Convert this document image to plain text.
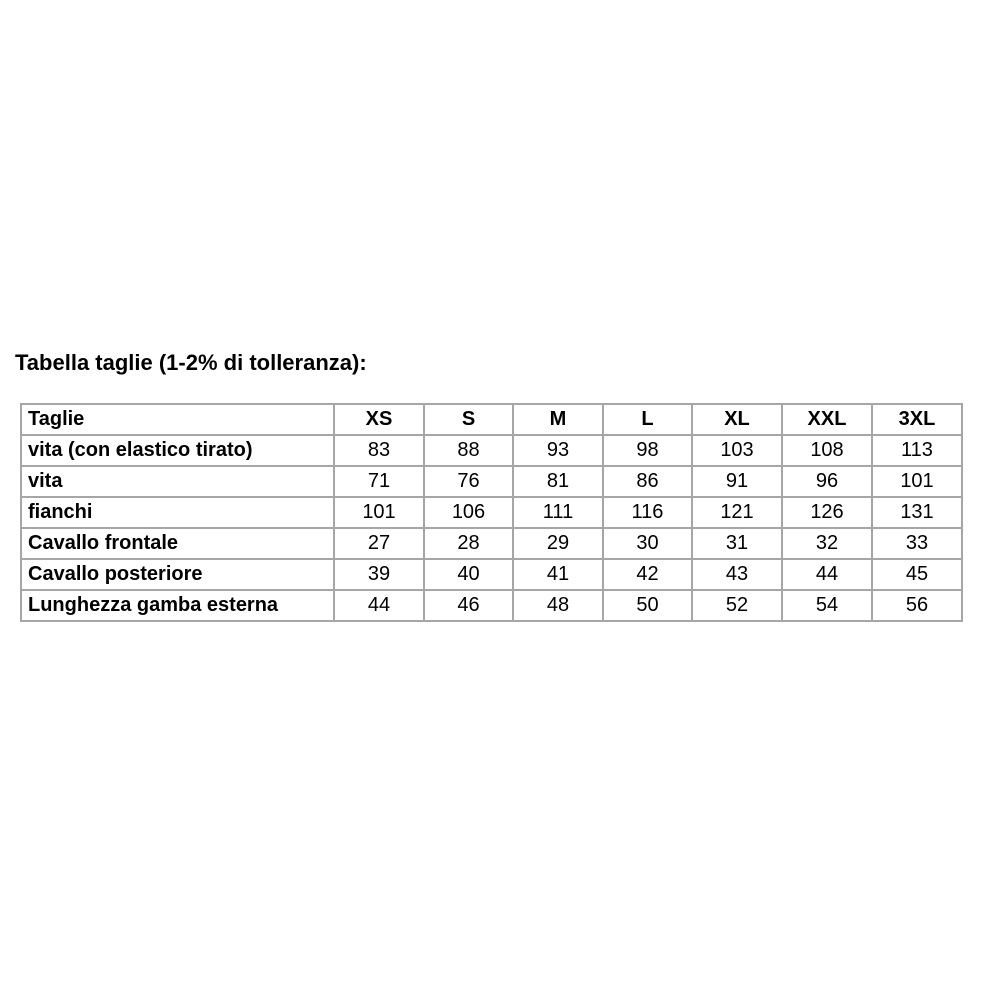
Tabella taglie (1-2% di tolleranza):
Taglie	XS	S	M	L	XL	XXL	3XL
vita (con elastico tirato)	83	88	93	98	103	108	113
vita	71	76	81	86	91	96	101
fianchi	101	106	111	116	121	126	131
Cavallo frontale	27	28	29	30	31	32	33
Cavallo posteriore	39	40	41	42	43	44	45
Lunghezza gamba esterna	44	46	48	50	52	54	56
